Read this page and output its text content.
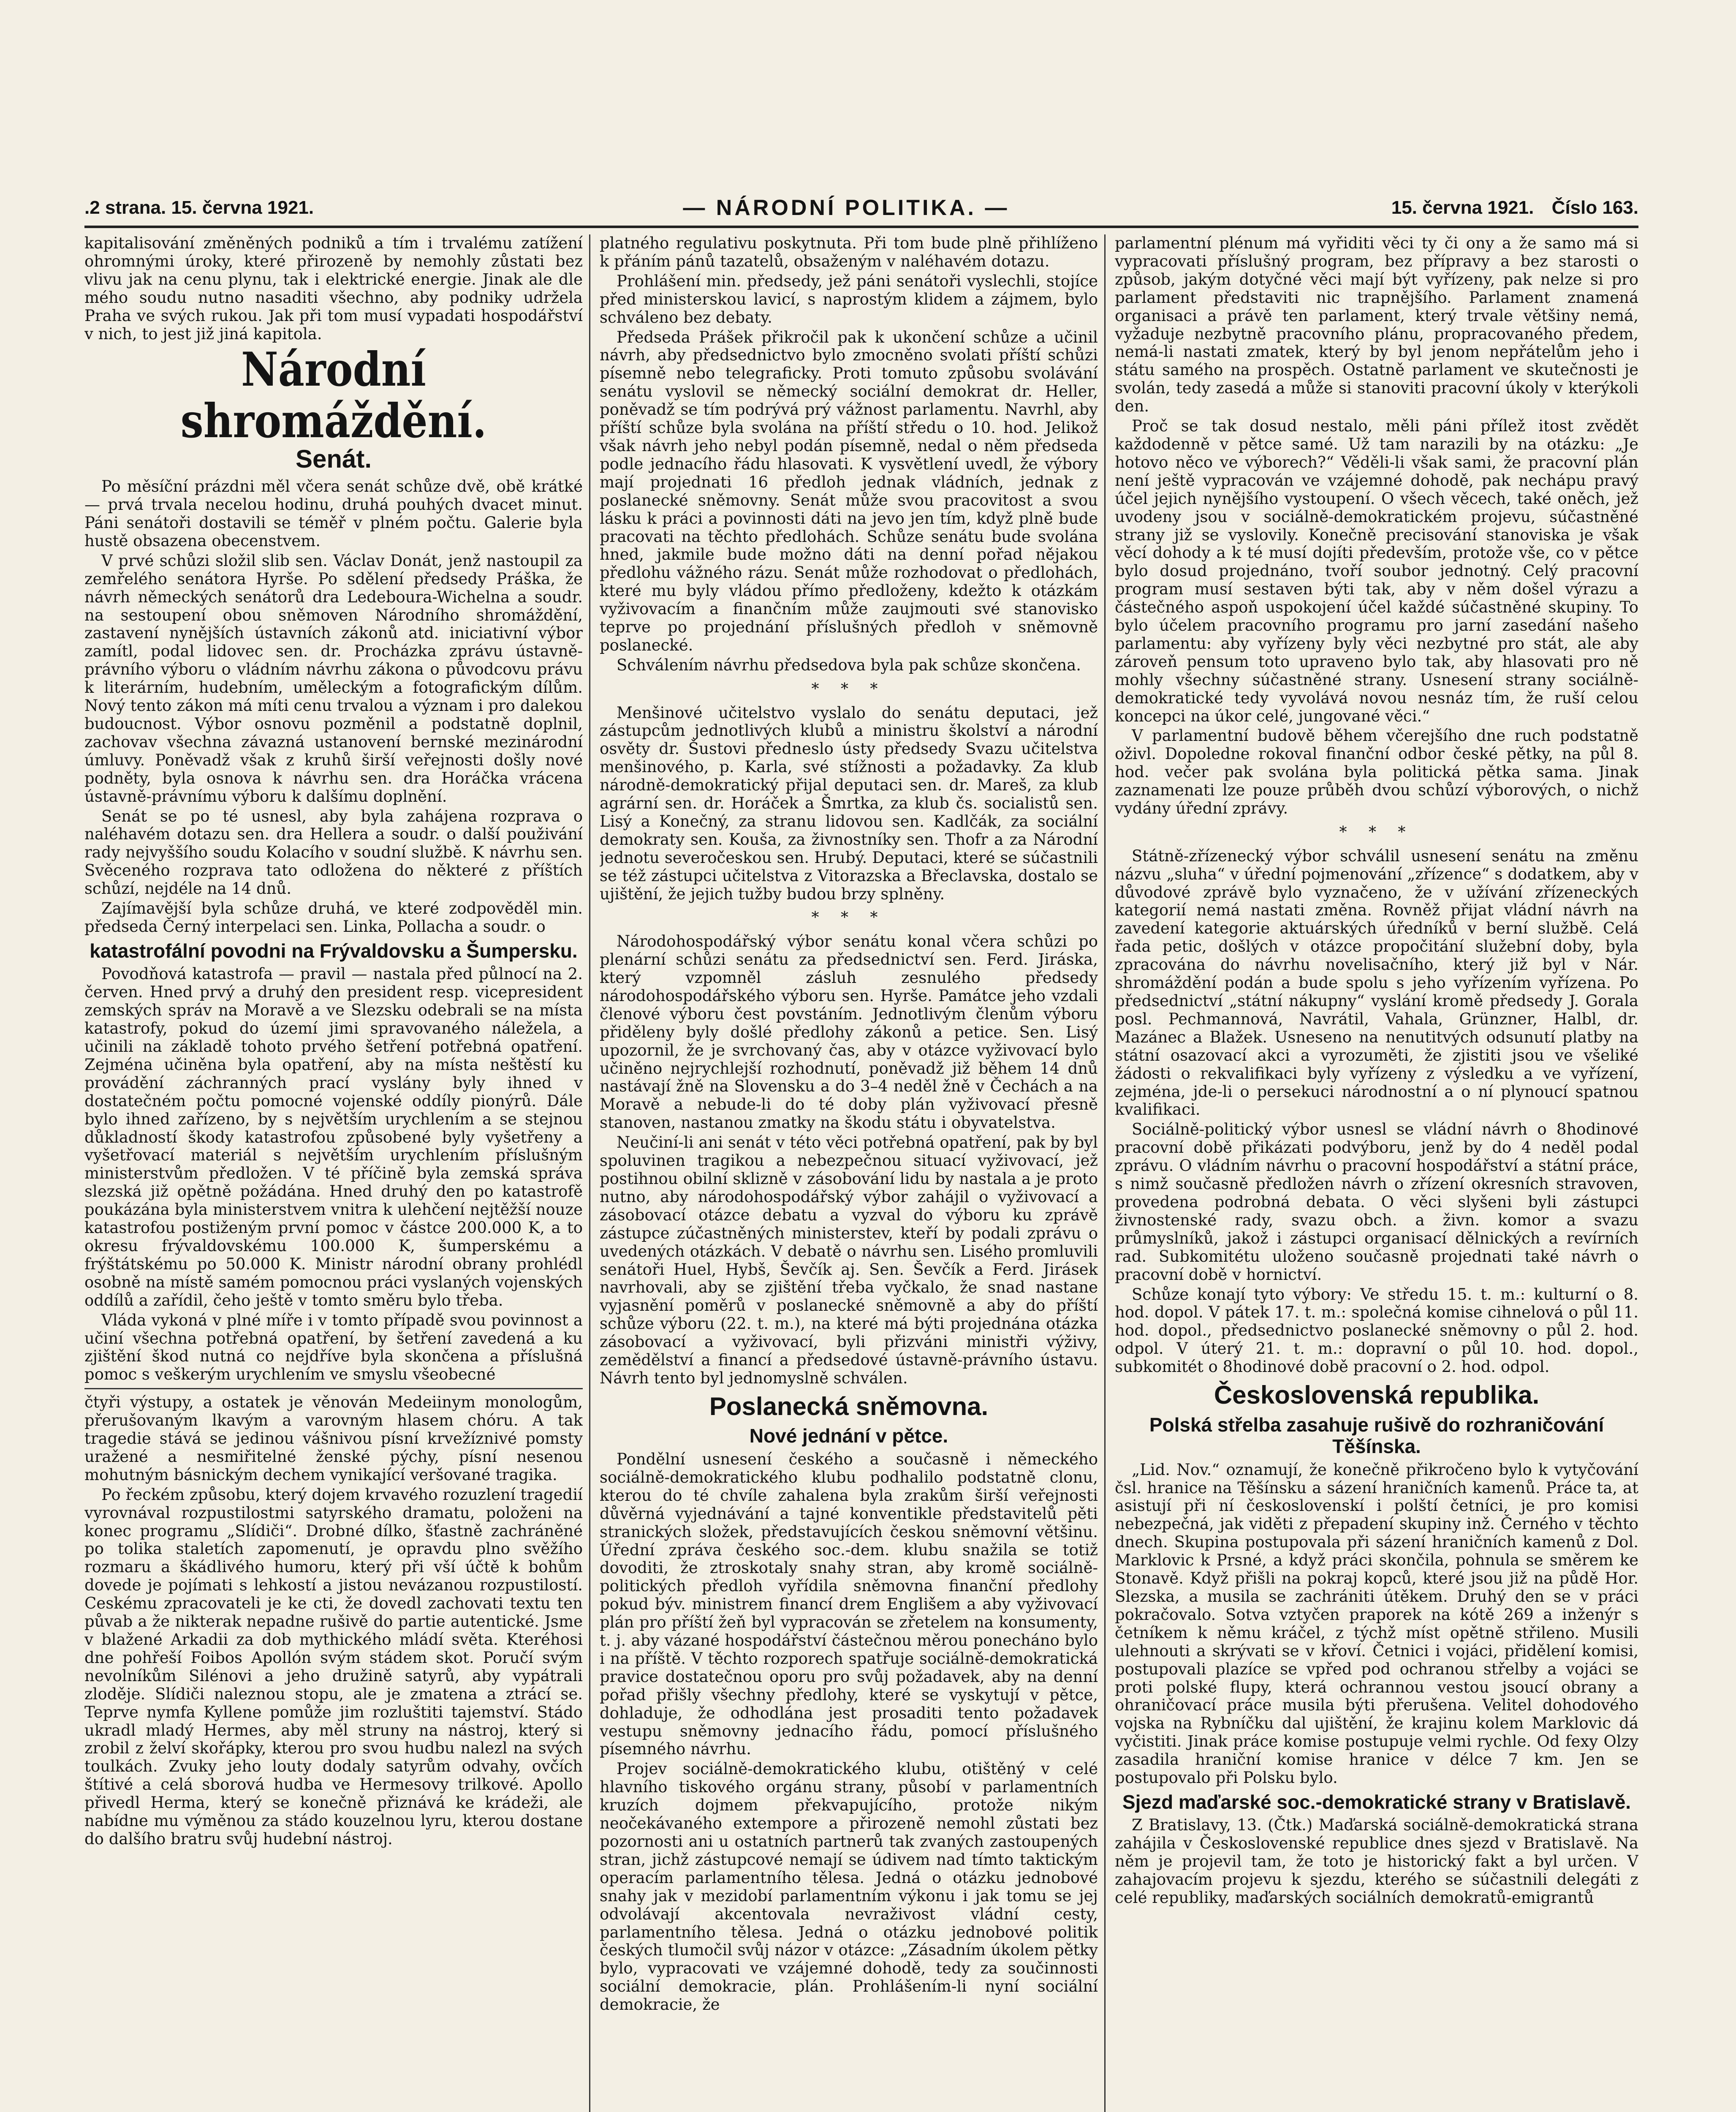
.2 strana. 15. června 1921.	— NÁRODNÍ POLITIKA. —	15. června 1921. Číslo 163.

kapitalisování změněných podniků a tím i trvalému zatížení ohromnými úroky, které přirozeně by nemohly zůstati bez vlivu jak na cenu plynu, tak i elektrické energie. Jinak ale dle mého soudu nutno nasaditi všechno, aby podniky udržela Praha ve svých rukou. Jak při tom musí vypadati hospodářství v nich, to jest již jiná kapitola.

Národní shromáždění.
Senát.

Po měsíční prázdni měl včera senát schůze dvě, obě krátké — prvá trvala necelou hodinu, druhá pouhých dvacet minut. Páni senátoři dostavili se téměř v plném počtu. Galerie byla hustě obsazena obecenstvem.

V prvé schůzi složil slib sen. Václav Donát, jenž nastoupil za zemřelého senátora Hyrše. Po sdělení předsedy Práška, že návrh německých senátorů dra Ledeboura-Wichelna a soudr. na sestoupení obou sněmoven Národního shromáždění, zastavení nynějších ústavních zákonů atd. iniciativní výbor zamítl, podal lidovec sen. dr. Procházka zprávu ústavně-právního výboru o vládním návrhu zákona o původcovu právu k literárním, hudebním, uměleckým a fotografickým dílům. Nový tento zákon má míti cenu trvalou a význam i pro dalekou budoucnost. Výbor osnovu pozměnil a podstatně doplnil, zachovav všechna závazná ustanovení bernské mezinárodní úmluvy. Poněvadž však z kruhů širší veřejnosti došly nové podněty, byla osnova k návrhu sen. dra Horáčka vrácena ústavně-právnímu výboru k dalšímu doplnění.

Senát se po té usnesl, aby byla zahájena rozprava o naléhavém dotazu sen. dra Hellera a soudr. o další použivání rady nejvyššího soudu Kolacího v soudní službě. K návrhu sen. Svěceného rozprava tato odložena do některé z příštích schůzí, nejdéle na 14 dnů.

Zajímavější byla schůze druhá, ve které zodpověděl min. předseda Černý interpelaci sen. Linka, Pollacha a soudr. o

katastrofální povodni na Frývaldovsku a Šumpersku.

Povodňová katastrofa — pravil — nastala před půlnocí na 2. červen. Hned prvý a druhý den president resp. vicepresident zemských správ na Moravě a ve Slezsku odebrali se na místa katastrofy, pokud do území jimi spravovaného náležela, a učinili na základě tohoto prvého šetření potřebná opatření. Zejména učiněna byla opatření, aby na místa neštěstí ku provádění záchranných prací vyslány byly ihned v dostatečném počtu pomocné vojenské oddíly pionýrů. Dále bylo ihned zařízeno, by s největším urychlením a se stejnou důkladností škody katastrofou způsobené byly vyšetřeny a vyšetřovací materiál s největším urychlením příslušným ministerstvům předložen. V té příčině byla zemská správa slezská již opětně požádána. Hned druhý den po katastrofě poukázána byla ministerstvem vnitra k ulehčení nejtěžší nouze katastrofou postiženým první pomoc v částce 200.000 K, a to okresu frývaldovskému 100.000 K, šumperskému a frýštátskému po 50.000 K. Ministr národní obrany prohlédl osobně na místě samém pomocnou práci vyslaných vojenských oddílů a zařídil, čeho ještě v tomto směru bylo třeba.

Vláda vykoná v plné míře i v tomto případě svou povinnost a učiní všechna potřebná opatření, by šetření zavedená a ku zjištění škod nutná co nejdříve byla skončena a příslušná pomoc s veškerým urychlením ve smyslu všeobecné

čtyři výstupy, a ostatek je věnován Medeiinym monologům, přerušovaným lkavým a varovným hlasem chóru. A tak tragedie stává se jedinou vášnivou písní krvežíznivé pomsty uražené a nesmiřitelné ženské pýchy, písní nesenou mohutným básnickým dechem vynikající veršované tragika.

Po řeckém způsobu, který dojem krvavého rozuzlení tragedií vyrovnával rozpustilostmi satyrského dramatu, položeni na konec programu „Slídiči“. Drobné dílko, šťastně zachráněné po tolika staletích zapomenutí, je opravdu plno svěžího rozmaru a škádlivého humoru, který při vší účtě k bohům dovede je pojímati s lehkostí a jistou nevázanou rozpustilostí. Ceskému zpracovateli je ke cti, že dovedl zachovati textu ten půvab a že nikterak nepadne rušivě do partie autentické. Jsme v blažené Arkadii za dob mythického mládí světa. Kteréhosi dne pohřeší Foibos Apollón svým stádem skot. Poručí svým nevolníkům Silénovi a jeho družině satyrů, aby vypátrali zloděje. Slídiči naleznou stopu, ale je zmatena a ztrácí se. Teprve nymfa Kyllene pomůže jim rozluštiti tajemství. Stádo ukradl mladý Hermes, aby měl struny na nástroj, který si zrobil z želví skořápky, kterou pro svou hudbu nalezl na svých toulkách. Zvuky jeho louty dodaly satyrům odvahy, ovčích štítivé a celá sborová hudba ve Hermesovy trilkové. Apollo přivedl Herma, který se konečně přiznává ke krádeži, ale nabídne mu výměnou za stádo kouzelnou lyru, kterou dostane do dalšího bratru svůj hudební nástroj.

platného regulativu poskytnuta. Při tom bude plně přihlíženo k přáním pánů tazatelů, obsaženým v naléhavém dotazu.

Prohlášení min. předsedy, jež páni senátoři vyslechli, stojíce před ministerskou lavicí, s naprostým klidem a zájmem, bylo schváleno bez debaty.

Předseda Prášek přikročil pak k ukončení schůze a učinil návrh, aby předsednictvo bylo zmocněno svolati příští schůzi písemně nebo telegraficky. Proti tomuto způsobu svolávání senátu vyslovil se německý sociální demokrat dr. Heller, poněvadž se tím podrývá prý vážnost parlamentu. Navrhl, aby příští schůze byla svolána na příští středu o 10. hod. Jelikož však návrh jeho nebyl podán písemně, nedal o něm předseda podle jednacího řádu hlasovati. K vysvětlení uvedl, že výbory mají projednati 16 předloh jednak vládních, jednak z poslanecké sněmovny. Senát může svou pracovitost a svou lásku k práci a povinnosti dáti na jevo jen tím, když plně bude pracovati na těchto předlohách. Schůze senátu bude svolána hned, jakmile bude možno dáti na denní pořad nějakou předlohu vážného rázu. Senát může rozhodovat o předlohách, které mu byly vládou přímo předloženy, kdežto k otázkám vyživovacím a finančním může zaujmouti své stanovisko teprve po projednání příslušných předloh v sněmovně poslanecké.

Schválením návrhu předsedova byla pak schůze skončena.

* * *

Menšinové učitelstvo vyslalo do senátu deputaci, jež zástupcům jednotlivých klubů a ministru školství a národní osvěty dr. Šustovi předneslo ústy předsedy Svazu učitelstva menšinového, p. Karla, své stížnosti a požadavky. Za klub národně-demokratický přijal deputaci sen. dr. Mareš, za klub agrární sen. dr. Horáček a Šmrtka, za klub čs. socialistů sen. Lisý a Konečný, za stranu lidovou sen. Kadlčák, za sociální demokraty sen. Kouša, za živnostníky sen. Thofr a za Národní jednotu severočeskou sen. Hrubý. Deputaci, které se súčastnili se též zástupci učitelstva z Vitorazska a Břeclavska, dostalo se ujištění, že jejich tužby budou brzy splněny.

* * *

Národohospodářský výbor senátu konal včera schůzi po plenární schůzi senátu za předsednictví sen. Ferd. Jiráska, který vzpomněl zásluh zesnulého předsedy národohospodářského výboru sen. Hyrše. Památce jeho vzdali členové výboru čest povstáním. Jednotlivým členům výboru přiděleny byly došlé předlohy zákonů a petice. Sen. Lisý upozornil, že je svrchovaný čas, aby v otázce vyživovací bylo učiněno nejrychlejší rozhodnutí, poněvadž již během 14 dnů nastávají žně na Slovensku a do 3–4 neděl žně v Čechách a na Moravě a nebude-li do té doby plán vyživovací přesně stanoven, nastanou zmatky na škodu státu i obyvatelstva.

Neučiní-li ani senát v této věci potřebná opatření, pak by byl spoluvinen tragikou a nebezpečnou situací vyživovací, jež postihnou obilní sklizně v zásobování lidu by nastala a je proto nutno, aby národohospodářský výbor zahájil o vyživovací a zásobovací otázce debatu a vyzval do výboru ku zprávě zástupce zúčastněných ministerstev, kteří by podali zprávu o uvedených otázkách. V debatě o návrhu sen. Lisého promluvili senátoři Huel, Hybš, Ševčík aj. Sen. Ševčík a Ferd. Jirásek navrhovali, aby se zjištění třeba vyčkalo, že snad nastane vyjasnění poměrů v poslanecké sněmovně a aby do příští schůze výboru (22. t. m.), na které má býti projednána otázka zásobovací a vyživovací, byli přizváni ministři výživy, zemědělství a financí a předsedové ústavně-právního ústavu. Návrh tento byl jednomyslně schválen.

Poslanecká sněmovna.
Nové jednání v pětce.

Pondělní usnesení českého a současně i německého sociálně-demokratického klubu podhalilo podstatně clonu, kterou do té chvíle zahalena byla zrakům širší veřejnosti důvěrná vyjednávání a tajné konventikle představitelů pěti stranických složek, představujících českou sněmovní většinu. Úřední zpráva českého soc.-dem. klubu snažila se totiž dovoditi, že ztroskotaly snahy stran, aby kromě sociálně-politických předloh vyřídila sněmovna finanční předlohy pokud býv. ministrem financí drem Englišem a aby vyživovací plán pro příští žeň byl vypracován se zřetelem na konsumenty, t. j. aby vázané hospodářství částečnou měrou ponecháno bylo i na příště. V těchto rozporech spatřuje sociálně-demokratická pravice dostatečnou oporu pro svůj požadavek, aby na denní pořad přišly všechny předlohy, které se vyskytují v pětce, dohladuje, že odhodlána jest prosaditi tento požadavek vestupu sněmovny jednacího řádu, pomocí příslušného písemného návrhu.

Projev sociálně-demokratického klubu, otištěný v celé hlavního tiskového orgánu strany, působí v parlamentních kruzích dojmem překvapujícího, protože nikým neočekávaného extempore a přirozeně nemohl zůstati bez pozornosti ani u ostatních partnerů tak zvaných zastoupených stran, jichž zástupcové nemají se údivem nad tímto taktickým operacím parlamentního tělesa. Jedná o otázku jednobové snahy jak v mezidobí parlamentním výkonu i jak tomu se jej odvolávají akcentovala nevraživost vládní cesty, parlamentního tělesa. Jedná o otázku jednobové politik českých tlumočil svůj názor v otázce: „Zásadním úkolem pětky bylo, vypracovati ve vzájemné dohodě, tedy za součinnosti sociální demokracie, plán. Prohlášením-li nyní sociální demokracie, že

parlamentní plénum má vyřiditi věci ty či ony a že samo má si vypracovati příslušný program, bez přípravy a bez starosti o způsob, jakým dotyčné věci mají být vyřízeny, pak nelze si pro parlament představiti nic trapnějšího. Parlament znamená organisaci a právě ten parlament, který trvale většiny nemá, vyžaduje nezbytně pracovního plánu, propracovaného předem, nemá-li nastati zmatek, který by byl jenom nepřátelům jeho i státu samého na prospěch. Ostatně parlament ve skutečnosti je svolán, tedy zasedá a může si stanoviti pracovní úkoly v kterýkoli den.

Proč se tak dosud nestalo, měli páni přílež itost zvědět každodenně v pětce samé. Už tam narazili by na otázku: „Je hotovo něco ve výborech?“ Věděli-li však sami, že pracovní plán není ještě vypracován ve vzájemné dohodě, pak nechápu pravý účel jejich nynějšího vystoupení. O všech věcech, také oněch, jež uvodeny jsou v sociálně-demokratickém projevu, súčastněné strany již se vyslovily. Konečně precisování stanoviska je však věcí dohody a k té musí dojíti především, protože vše, co v pětce bylo dosud projednáno, tvoří soubor jednotný. Celý pracovní program musí sestaven býti tak, aby v něm došel výrazu a částečného aspoň uspokojení účel každé súčastněné skupiny. To bylo účelem pracovního programu pro jarní zasedání našeho parlamentu: aby vyřízeny byly věci nezbytné pro stát, ale aby zároveň pensum toto upraveno bylo tak, aby hlasovati pro ně mohly všechny súčastněné strany. Usnesení strany sociálně-demokratické tedy vyvolává novou nesnáz tím, že ruší celou koncepci na úkor celé, jungované věci.“

V parlamentní budově během včerejšího dne ruch podstatně oživl. Dopoledne rokoval finanční odbor české pětky, na půl 8. hod. večer pak svolána byla politická pětka sama. Jinak zaznamenati lze pouze průběh dvou schůzí výborových, o nichž vydány úřední zprávy.

* * *

Státně-zřízenecký výbor schválil usnesení senátu na změnu názvu „sluha“ v úřední pojmenování „zřízence“ s dodatkem, aby v důvodové zprávě bylo vyznačeno, že v užívání zřízeneckých kategorií nemá nastati změna. Rovněž přijat vládní návrh na zavedení kategorie aktuárských úředníků v berní službě. Celá řada petic, došlých v otázce propočitání služební doby, byla zpracována do návrhu novelisačního, který již byl v Nár. shromáždění podán a bude spolu s jeho vyřízením vyřízena. Po předsednictví „státní nákupny“ vyslání kromě předsedy J. Gorala posl. Pechmannová, Navrátil, Vahala, Grünzner, Halbl, dr. Mazánec a Blažek. Usneseno na nenutitvých odsunutí platby na státní osazovací akci a vyrozuměti, že zjistiti jsou ve všeliké žádosti o rekvalifikaci byly vyřízeny z výsledku a ve vyřízení, zejména, jde-li o persekuci národnostní a o ní plynoucí spatnou kvalifikaci.

Sociálně-politický výbor usnesl se vládní návrh o 8hodinové pracovní době přikázati podvýboru, jenž by do 4 neděl podal zprávu. O vládním návrhu o pracovní hospodářství a státní práce, s nimž současně předložen návrh o zřízení okresních stravoven, provedena podrobná debata. O věci slyšeni byli zástupci živnostenské rady, svazu obch. a živn. komor a svazu průmyslníků, jakož i zástupci organisací dělnických a revírních rad. Subkomitétu uloženo současně projednati také návrh o pracovní době v hornictví.

Schůze konají tyto výbory: Ve středu 15. t. m.: kulturní o 8. hod. dopol. V pátek 17. t. m.: společná komise cihnelová o půl 11. hod. dopol., předsednictvo poslanecké sněmovny o půl 2. hod. odpol. V úterý 21. t. m.: dopravní o půl 10. hod. dopol., subkomitét o 8hodinové době pracovní o 2. hod. odpol.

Československá republika.
Polská střelba zasahuje rušivě do rozhraničování Těšínska.

„Lid. Nov.“ oznamují, že konečně přikročeno bylo k vytyčování čsl. hranice na Těšínsku a sázení hraničních kamenů. Práce ta, at asistují při ní československí i polští četníci, je pro komisi nebezpečná, jak viděti z přepadení skupiny inž. Černého v těchto dnech. Skupina postupovala při sázení hraničních kamenů z Dol. Marklovic k Prsné, a když práci skončila, pohnula se směrem ke Stonavě. Když přišli na pokraj kopců, které jsou již na půdě Hor. Slezska, a musila se zachrániti útěkem. Druhý den se v práci pokračovalo. Sotva vztyčen praporek na kótě 269 a inženýr s četníkem k němu kráčel, z týchž míst opětně střileno. Musili ulehnouti a skrývati se v křoví. Četnici i vojáci, přidělení komisi, postupovali plazíce se vpřed pod ochranou střelby a vojáci se proti polské flupy, která ochrannou vestou jsoucí obrany a ohraničovací práce musila býti přerušena. Velitel dohodového vojska na Rybníčku dal ujištění, že krajinu kolem Marklovic dá vyčistiti. Jinak práce komise postupuje velmi rychle. Od fexy Olzy zasadila hraniční komise hranice v délce 7 km. Jen se postupovalo při Polsku bylo.

Sjezd maďarské soc.-demokratické strany v Bratislavě.

Z Bratislavy, 13. (Čtk.) Maďarská sociálně-demokratická strana zahájila v Československé republice dnes sjezd v Bratislavě. Na něm je projevil tam, že toto je historický fakt a byl určen. V zahajovacím projevu k sjezdu, kterého se súčastnili delegáti z celé republiky, maďarských sociálních demokratů-emigrantů
